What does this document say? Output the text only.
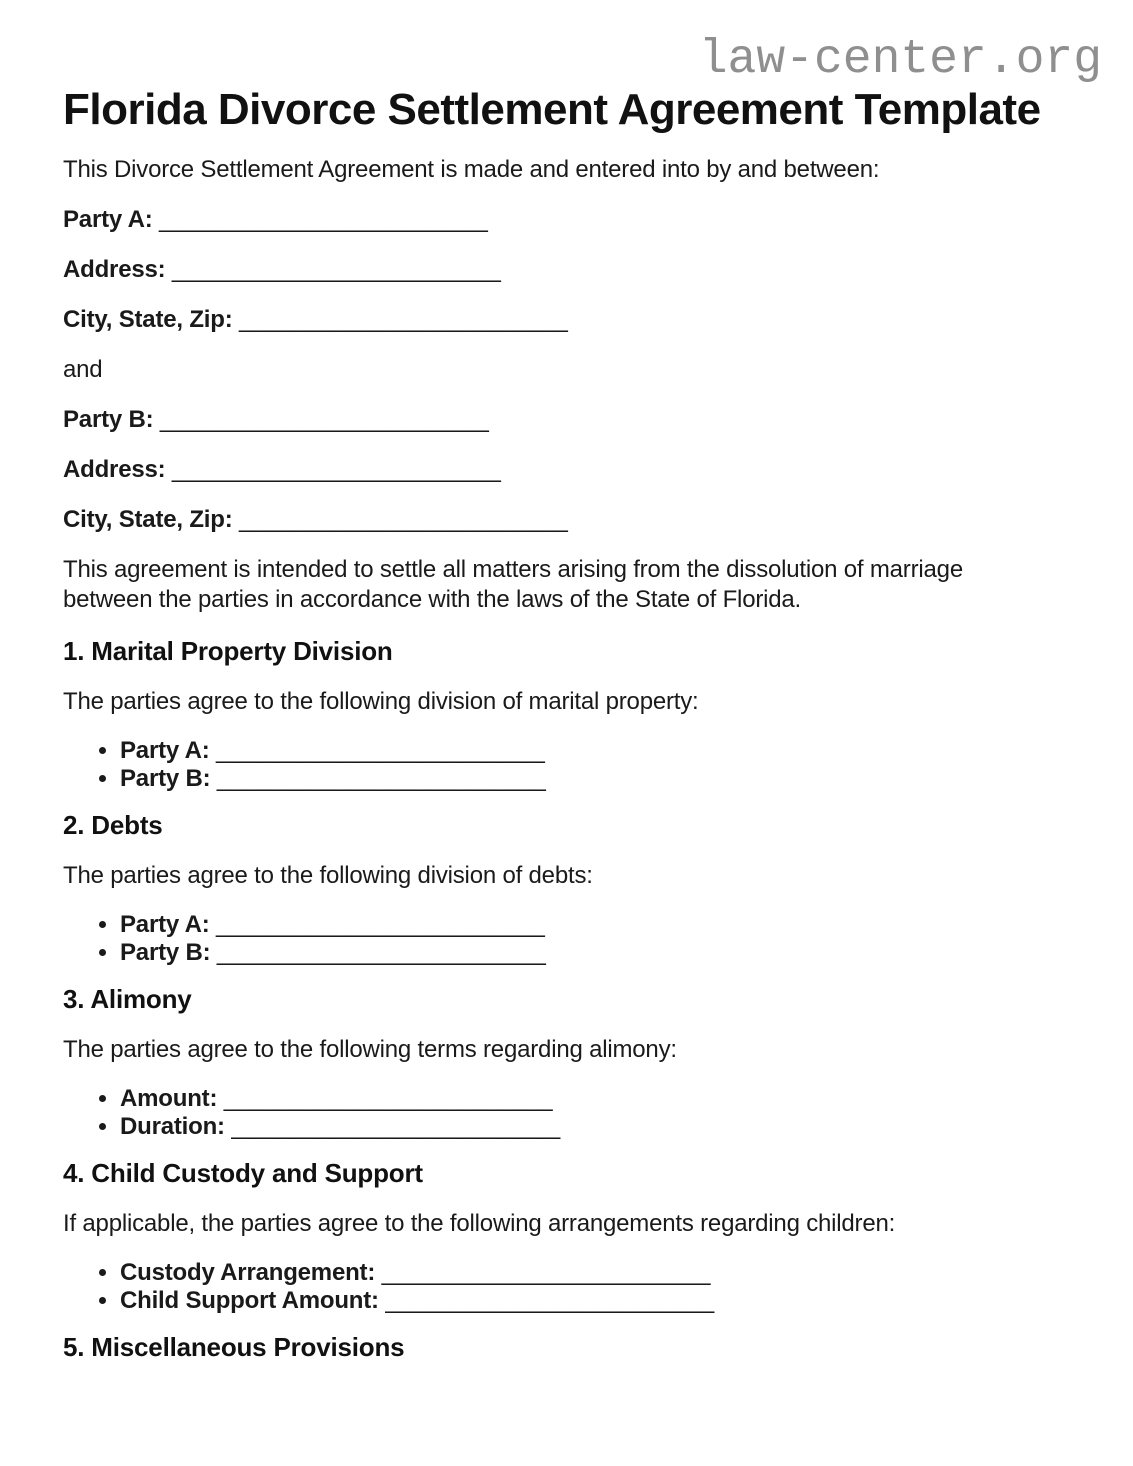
law-center.org
Florida Divorce Settlement Agreement Template

This Divorce Settlement Agreement is made and entered into by and between:

Party A: _________________________

Address: _________________________

City, State, Zip: _________________________

and

Party B: _________________________

Address: _________________________

City, State, Zip: _________________________

This agreement is intended to settle all matters arising from the dissolution of marriage
between the parties in accordance with the laws of the State of Florida.

1. Marital Property Division

The parties agree to the following division of marital property:

• Party A: _________________________
• Party B: _________________________
2. Debts

The parties agree to the following division of debts:

• Party A: _________________________
• Party B: _________________________
3. Alimony

The parties agree to the following terms regarding alimony:

• Amount: _________________________
• Duration: _________________________
4. Child Custody and Support

If applicable, the parties agree to the following arrangements regarding children:

• Custody Arrangement: _________________________
• Child Support Amount: _________________________
5. Miscellaneous Provisions
